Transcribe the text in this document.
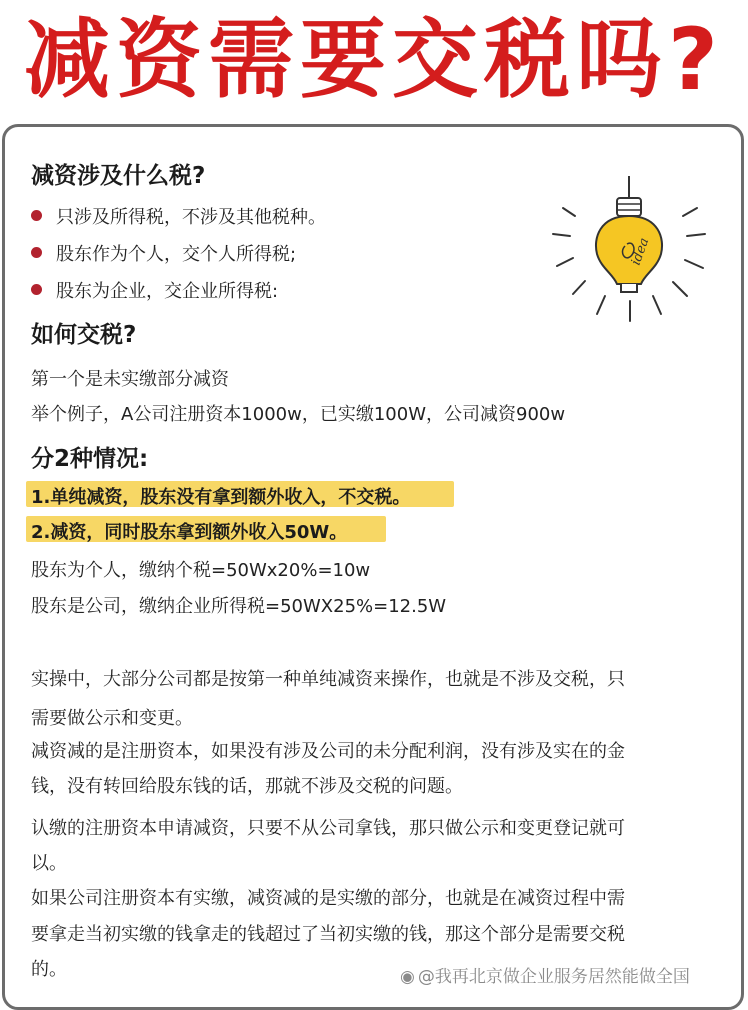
减资需要交税吗?
减资涉及什么税?
只涉及所得税，不涉及其他税种。
股东作为个人，交个人所得税;
股东为企业，交企业所得税:
如何交税?
第一个是未实缴部分减资
举个例子，A公司注册资本1000w，已实缴100W，公司减资900w
分2种情况:
1.单纯减资，股东没有拿到额外收入，不交税。
2.减资，同时股东拿到额外收入50W。
股东为个人，缴纳个税=50Wx20%=10w
股东是公司，缴纳企业所得税=50WX25%=12.5W
实操中，大部分公司都是按第一种单纯减资来操作，也就是不涉及交税，只
需要做公示和变更。
减资减的是注册资本，如果没有涉及公司的未分配利润，没有涉及实在的金
钱，没有转回给股东钱的话，那就不涉及交税的问题。
认缴的注册资本申请减资，只要不从公司拿钱，那只做公示和变更登记就可
以。
如果公司注册资本有实缴，减资减的是实缴的部分，也就是在减资过程中需
要拿走当初实缴的钱拿走的钱超过了当初实缴的钱，那这个部分是需要交税
的。
idea
◉ @我再北京做企业服务居然能做全国
